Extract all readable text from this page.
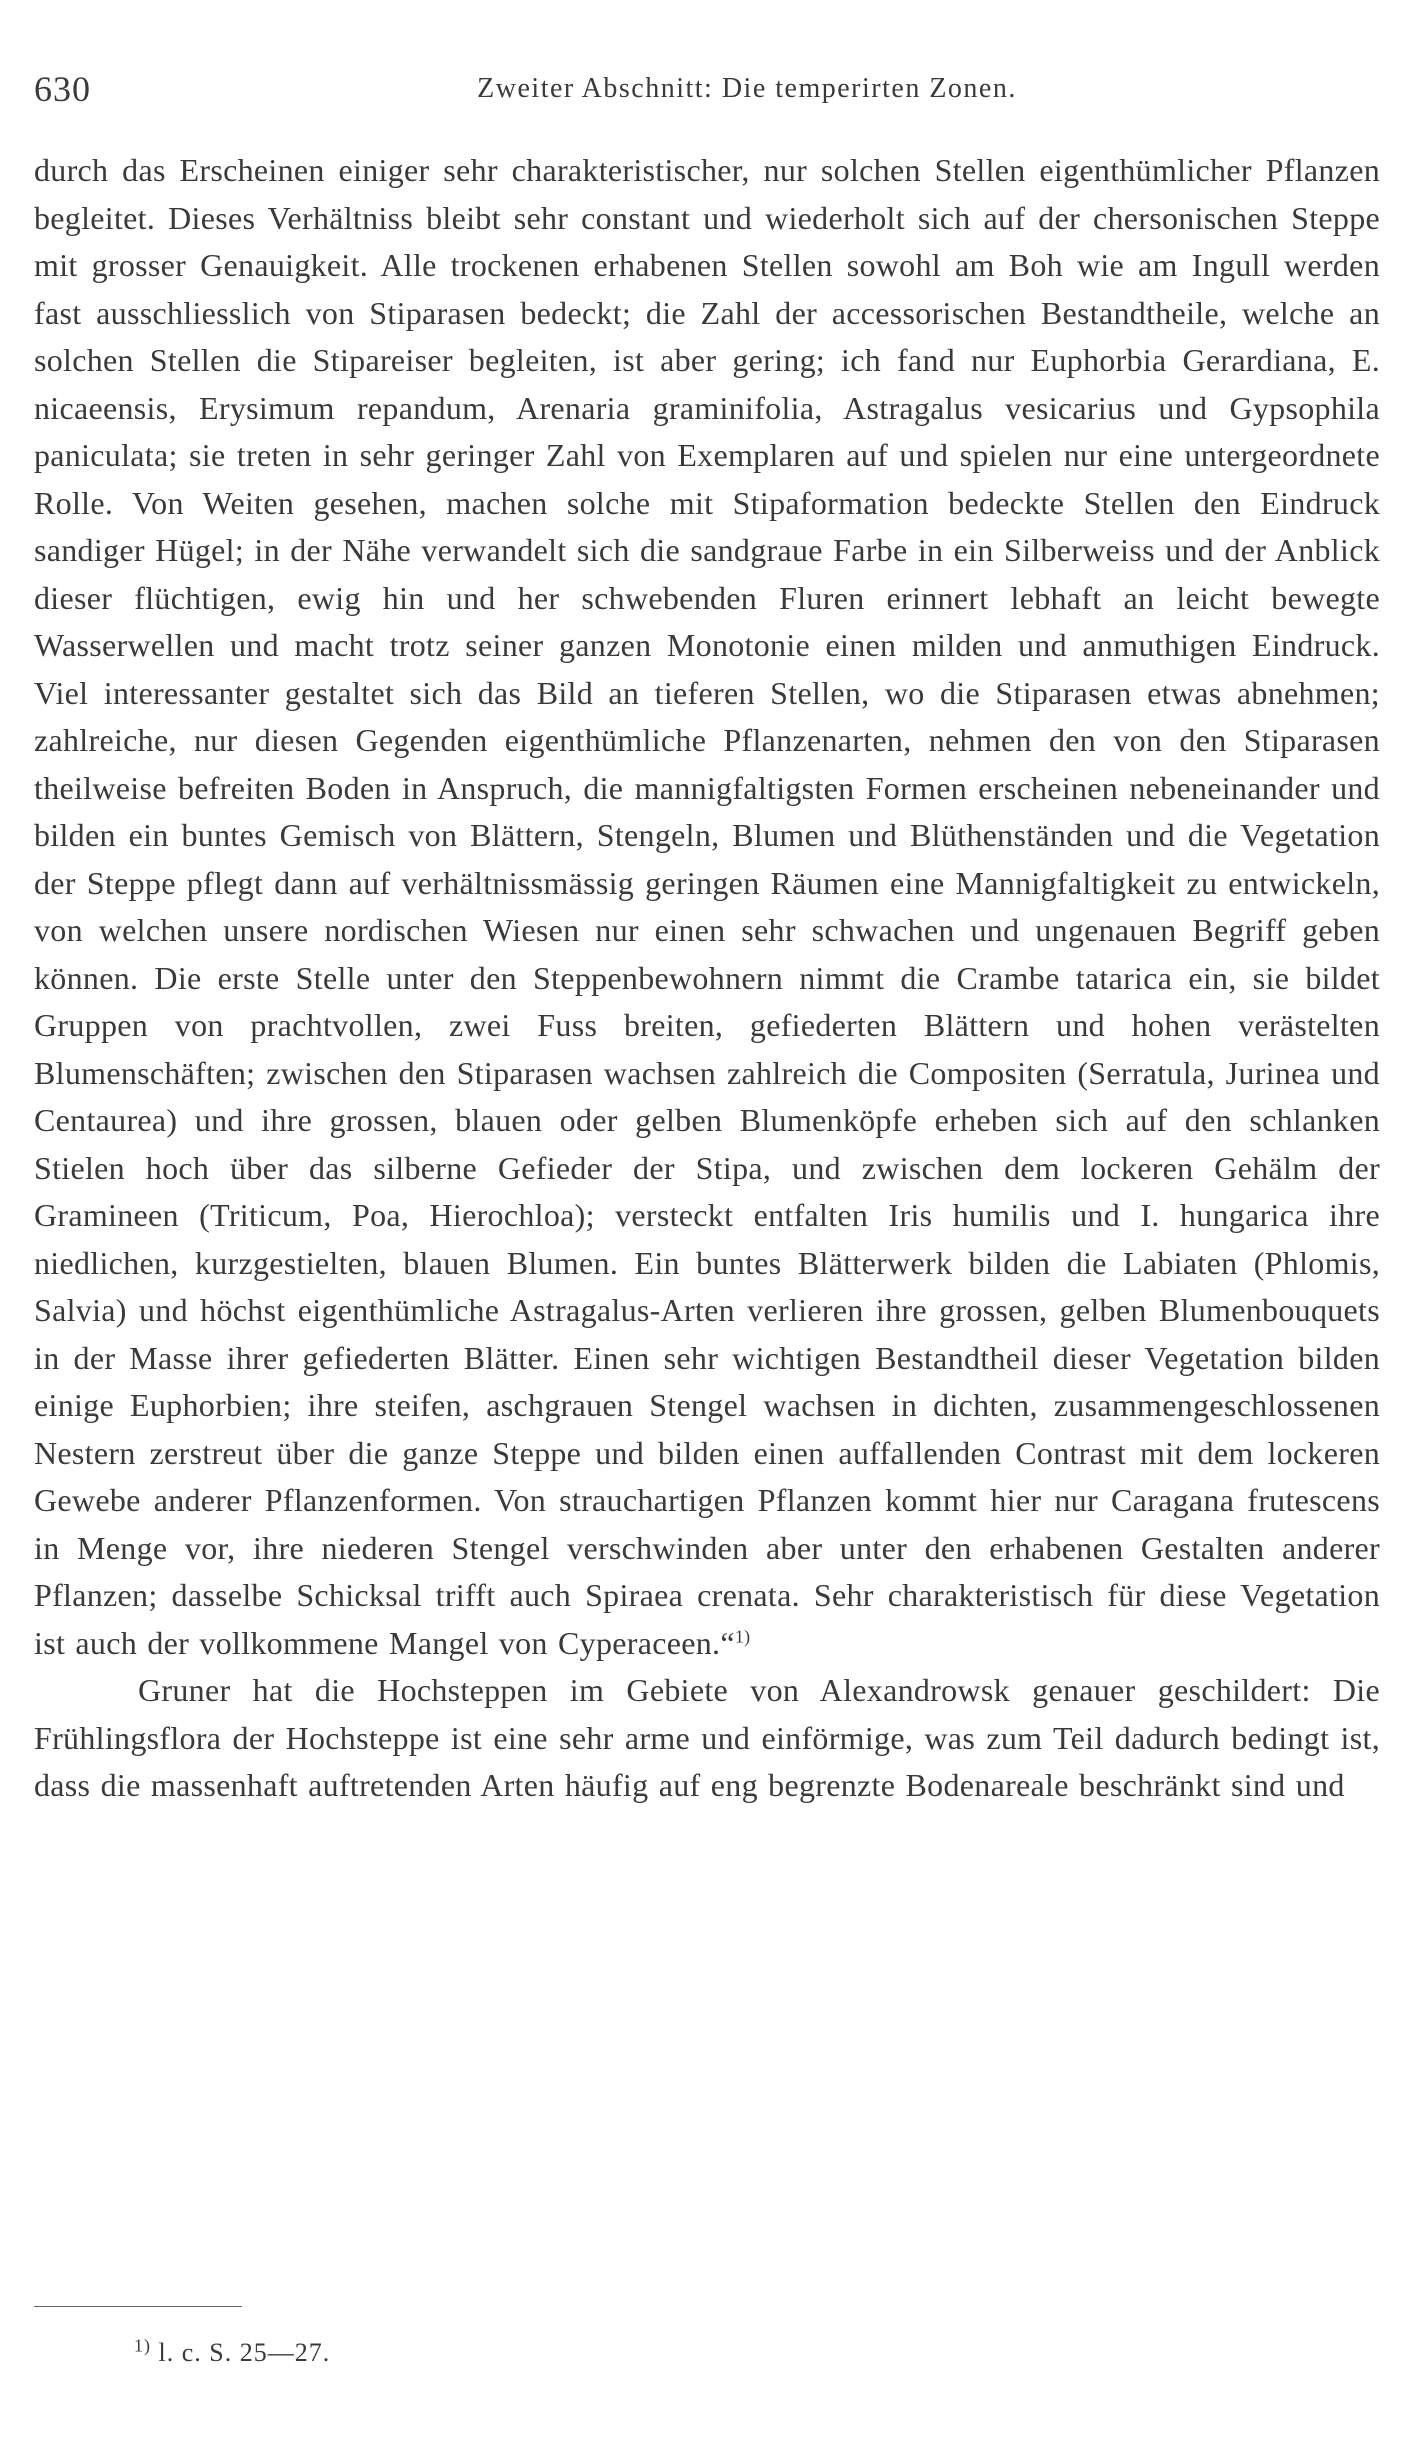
630	Zweiter Abschnitt: Die temperirten Zonen.

durch das Erscheinen einiger sehr charakteristischer, nur solchen Stellen eigenthümlicher Pflanzen begleitet. Dieses Verhältniss bleibt sehr constant und wiederholt sich auf der chersonischen Steppe mit grosser Genauigkeit. Alle trockenen erhabenen Stellen sowohl am Boh wie am Ingull werden fast ausschliesslich von Stiparasen bedeckt; die Zahl der accessorischen Bestandtheile, welche an solchen Stellen die Stipareiser begleiten, ist aber gering; ich fand nur Euphorbia Gerardiana, E. nicaeensis, Erysimum repandum, Arenaria graminifolia, Astragalus vesicarius und Gypsophila paniculata; sie treten in sehr geringer Zahl von Exemplaren auf und spielen nur eine untergeordnete Rolle. Von Weiten gesehen, machen solche mit Stipaformation bedeckte Stellen den Eindruck sandiger Hügel; in der Nähe verwandelt sich die sandgraue Farbe in ein Silberweiss und der Anblick dieser flüchtigen, ewig hin und her schwebenden Fluren erinnert lebhaft an leicht bewegte Wasserwellen und macht trotz seiner ganzen Monotonie einen milden und anmuthigen Eindruck. Viel interessanter gestaltet sich das Bild an tieferen Stellen, wo die Stiparasen etwas abnehmen; zahlreiche, nur diesen Gegenden eigenthümliche Pflanzenarten, nehmen den von den Stiparasen theilweise befreiten Boden in Anspruch, die mannigfaltigsten Formen erscheinen nebeneinander und bilden ein buntes Gemisch von Blättern, Stengeln, Blumen und Blüthenständen und die Vegetation der Steppe pflegt dann auf verhältnissmässig geringen Räumen eine Mannigfaltigkeit zu entwickeln, von welchen unsere nordischen Wiesen nur einen sehr schwachen und ungenauen Begriff geben können. Die erste Stelle unter den Steppenbewohnern nimmt die Crambe tatarica ein, sie bildet Gruppen von prachtvollen, zwei Fuss breiten, gefiederten Blättern und hohen verästelten Blumenschäften; zwischen den Stiparasen wachsen zahlreich die Compositen (Serratula, Jurinea und Centaurea) und ihre grossen, blauen oder gelben Blumenköpfe erheben sich auf den schlanken Stielen hoch über das silberne Gefieder der Stipa, und zwischen dem lockeren Gehälm der Gramineen (Triticum, Poa, Hierochloa); versteckt entfalten Iris humilis und I. hungarica ihre niedlichen, kurzgestielten, blauen Blumen. Ein buntes Blätterwerk bilden die Labiaten (Phlomis, Salvia) und höchst eigenthümliche Astragalus-Arten verlieren ihre grossen, gelben Blumenbouquets in der Masse ihrer gefiederten Blätter. Einen sehr wichtigen Bestandtheil dieser Vegetation bilden einige Euphorbien; ihre steifen, aschgrauen Stengel wachsen in dichten, zusammengeschlossenen Nestern zerstreut über die ganze Steppe und bilden einen auffallenden Contrast mit dem lockeren Gewebe anderer Pflanzenformen. Von strauchartigen Pflanzen kommt hier nur Caragana frutescens in Menge vor, ihre niederen Stengel verschwinden aber unter den erhabenen Gestalten anderer Pflanzen; dasselbe Schicksal trifft auch Spiraea crenata. Sehr charakteristisch für diese Vegetation ist auch der vollkommene Mangel von Cyperaceen.“$^{1)}$

Gruner hat die Hochsteppen im Gebiete von Alexandrowsk genauer geschildert: Die Frühlingsflora der Hochsteppe ist eine sehr arme und einförmige, was zum Teil dadurch bedingt ist, dass die massenhaft auftretenden Arten häufig auf eng begrenzte Bodenareale beschränkt sind und

$^{1)}$ l. c. S. 25—27.
